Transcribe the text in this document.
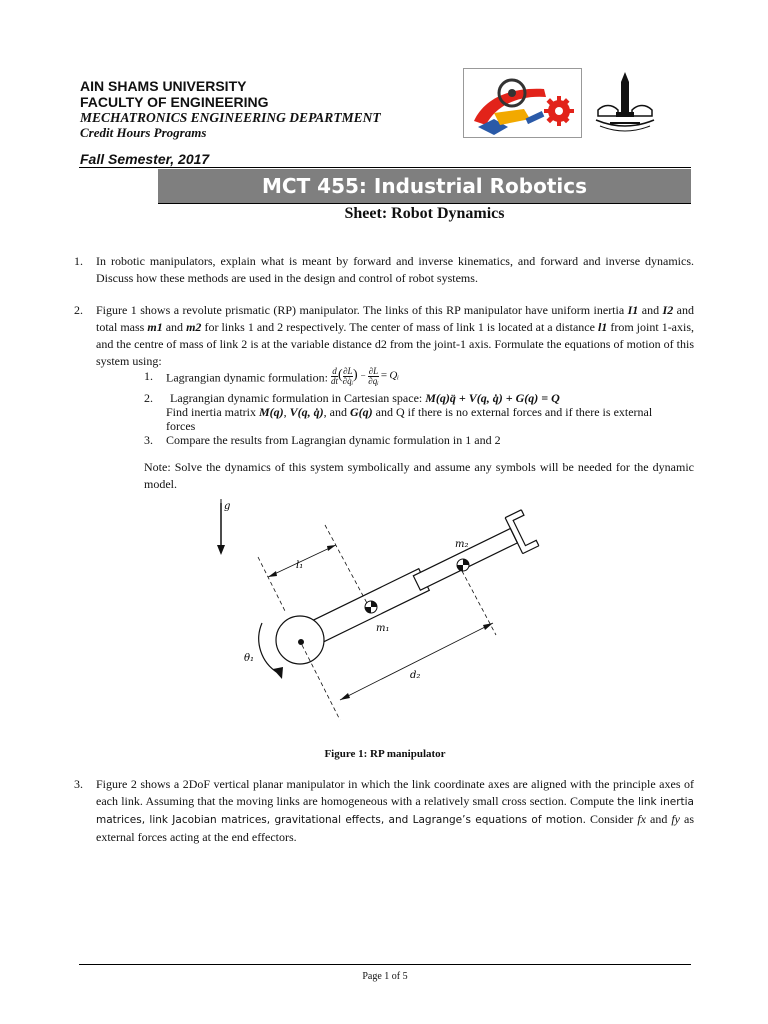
AIN SHAMS UNIVERSITY
FACULTY OF ENGINEERING
MECHATRONICS ENGINEERING DEPARTMENT
Credit Hours Programs
Fall Semester, 2017
MCT 455: Industrial Robotics
Sheet: Robot Dynamics
1. In robotic manipulators, explain what is meant by forward and inverse kinematics, and forward and inverse dynamics. Discuss how these methods are used in the design and control of robot systems.
2. Figure 1 shows a revolute prismatic (RP) manipulator. The links of this RP manipulator have uniform inertia I1 and I2 and total mass m1 and m2 for links 1 and 2 respectively. The center of mass of link 1 is located at a distance l1 from joint 1-axis, and the centre of mass of link 2 is at the variable distance d2 from the joint-1 axis. Formulate the equations of motion of this system using:
1. Lagrangian dynamic formulation: $\frac{d}{dt}$ ( $\frac{\partial L}{\text{∂q̇ᵢ}}$ ) − $\frac{\partial L}{\text{∂qᵢ}}$ = Qᵢ
2. Lagrangian dynamic formulation in Cartesian space: M(q)q̈ + V(q, q̇) + G(q) = Q
Find inertia matrix M(q), V(q, q̇), and G(q) and Q if there is no external forces and if there is external
forces
3. Compare the results from Lagrangian dynamic formulation in 1 and 2
Note: Solve the dynamics of this system symbolically and assume any symbols will be needed for the dynamic model.
g
m₂
m₁
l₁
d₂
θ₁
Figure 1: RP manipulator
3. Figure 2 shows a 2DoF vertical planar manipulator in which the link coordinate axes are aligned with the principle axes of each link. Assuming that the moving links are homogeneous with a relatively small cross section. Compute the link inertia matrices, link Jacobian matrices, gravitational effects, and Lagrange’s equations of motion. Consider fx and fy as external forces acting at the end effectors.
Page 1 of 5
